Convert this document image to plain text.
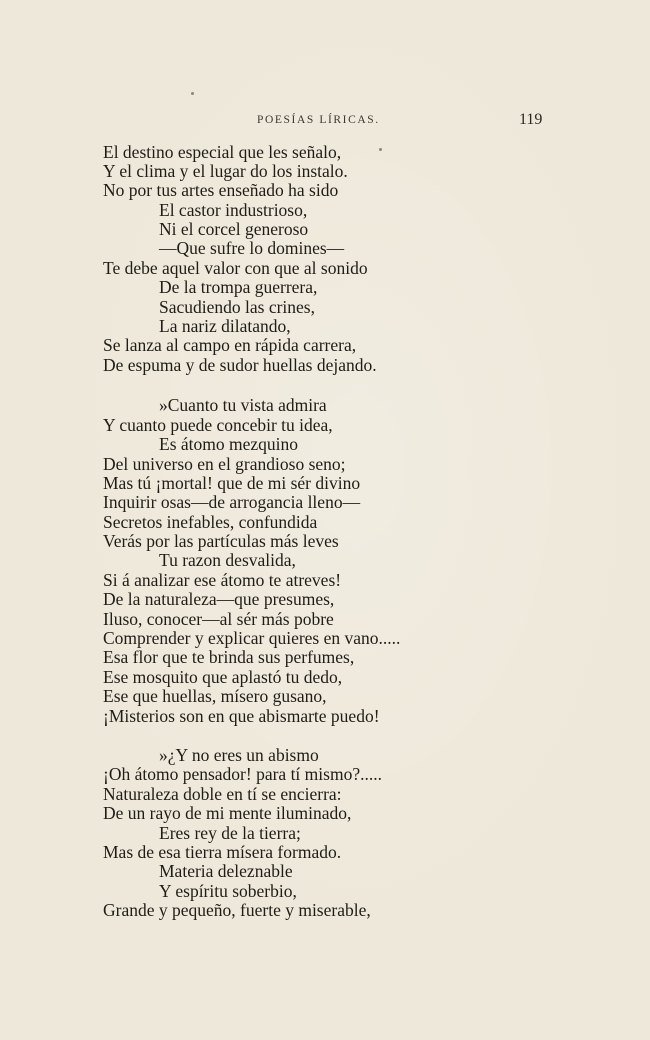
POESÍAS LÍRICAS.	119
El destino especial que les señalo,
Y el clima y el lugar do los instalo.
No por tus artes enseñado ha sido
El castor industrioso,
Ni el corcel generoso
—Que sufre lo domines—
Te debe aquel valor con que al sonido
De la trompa guerrera,
Sacudiendo las crines,
La nariz dilatando,
Se lanza al campo en rápida carrera,
De espuma y de sudor huellas dejando.
»Cuanto tu vista admira
Y cuanto puede concebir tu idea,
Es átomo mezquino
Del universo en el grandioso seno;
Mas tú ¡mortal! que de mi sér divino
Inquirir osas—de arrogancia lleno—
Secretos inefables, confundida
Verás por las partículas más leves
Tu razon desvalida,
Si á analizar ese átomo te atreves!
De la naturaleza—que presumes,
Iluso, conocer—al sér más pobre
Comprender y explicar quieres en vano.....
Esa flor que te brinda sus perfumes,
Ese mosquito que aplastó tu dedo,
Ese que huellas, mísero gusano,
¡Misterios son en que abismarte puedo!
»¿Y no eres un abismo
¡Oh átomo pensador! para tí mismo?.....
Naturaleza doble en tí se encierra:
De un rayo de mi mente iluminado,
Eres rey de la tierra;
Mas de esa tierra mísera formado.
Materia deleznable
Y espíritu soberbio,
Grande y pequeño, fuerte y miserable,
